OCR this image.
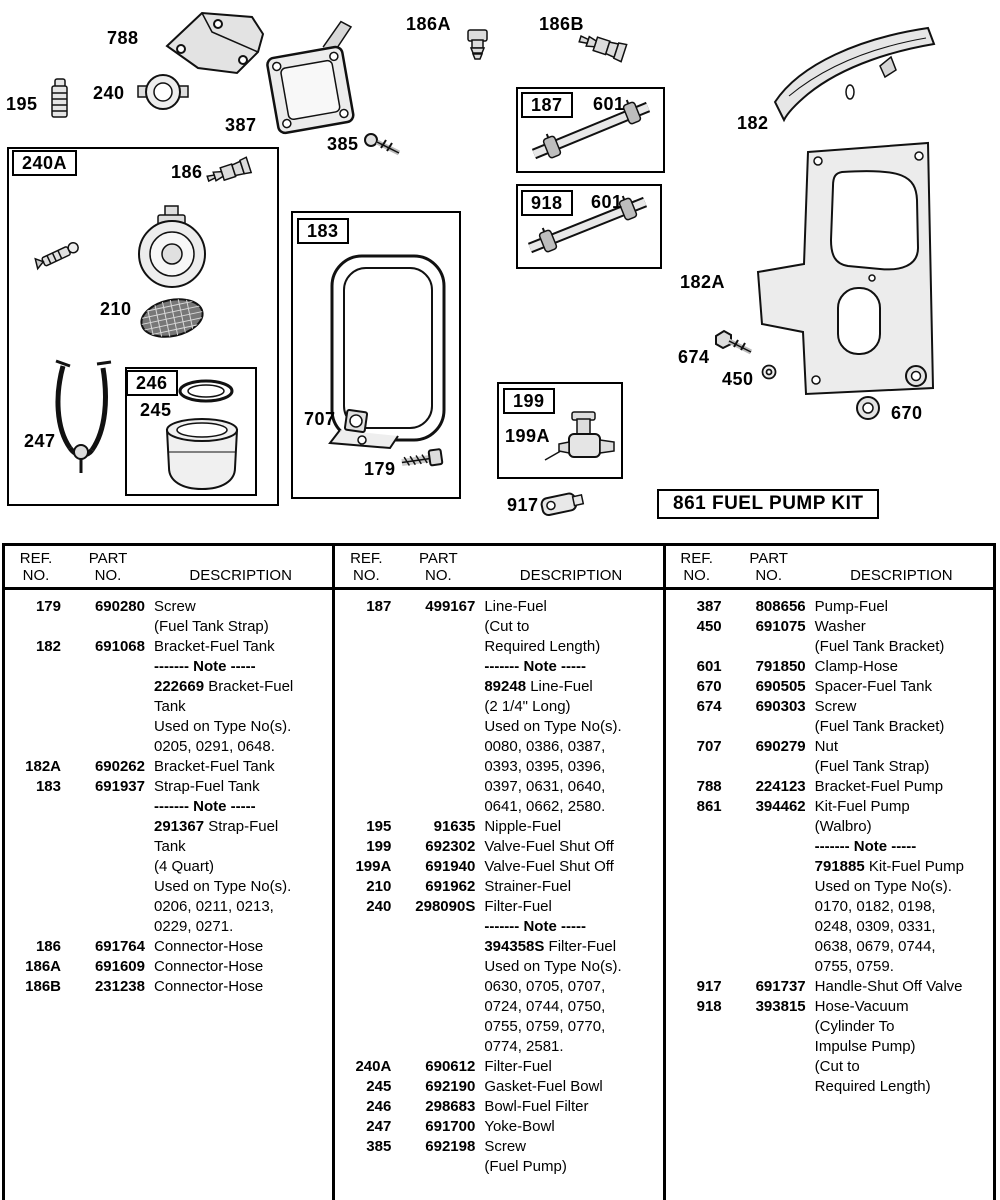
788
186A	186B
195
240
387
385
182
240A	186
210
246
245
247
183
707
179
187	601
918	601
182A
674
450
670
199
199A
917	861 FUEL PUMP KIT
REF.
NO.
PART
NO.	DESCRIPTION
179	690280 Screw
(Fuel Tank Strap)
182	691068 Bracket-Fuel Tank
------- Note -----
222669 Bracket-Fuel
Tank
Used on Type No(s).
0205, 0291, 0648.
182A	690262 Bracket-Fuel Tank
183	691937 Strap-Fuel Tank
------- Note -----
291367 Strap-Fuel
Tank
(4 Quart)
Used on Type No(s).
0206, 0211, 0213,
0229, 0271.
186	691764 Connector-Hose
186A	691609 Connector-Hose
186B	231238 Connector-Hose
REF.
NO.
PART
NO.	DESCRIPTION
187	499167 Line-Fuel
(Cut to
Required Length)
------- Note -----
89248 Line-Fuel
(2 1/4" Long)
Used on Type No(s).
0080, 0386, 0387,
0393, 0395, 0396,
0397, 0631, 0640,
0641, 0662, 2580.
195	91635 Nipple-Fuel
199	692302 Valve-Fuel Shut Off
199A	691940 Valve-Fuel Shut Off
210	691962 Strainer-Fuel
240	298090S Filter-Fuel
------- Note -----
394358S Filter-Fuel
Used on Type No(s).
0630, 0705, 0707,
0724, 0744, 0750,
0755, 0759, 0770,
0774, 2581.
240A	690612 Filter-Fuel
245	692190 Gasket-Fuel Bowl
246	298683 Bowl-Fuel Filter
247	691700 Yoke-Bowl
385	692198 Screw
(Fuel Pump)
REF.
NO.
PART
NO.	DESCRIPTION
387	808656 Pump-Fuel
450	691075 Washer
(Fuel Tank Bracket)
601	791850 Clamp-Hose
670	690505 Spacer-Fuel Tank
674	690303 Screw
(Fuel Tank Bracket)
707	690279 Nut
(Fuel Tank Strap)
788	224123 Bracket-Fuel Pump
861	394462 Kit-Fuel Pump
(Walbro)
------- Note -----
791885 Kit-Fuel Pump
Used on Type No(s).
0170, 0182, 0198,
0248, 0309, 0331,
0638, 0679, 0744,
0755, 0759.
917	691737 Handle-Shut Off Valve
918	393815 Hose-Vacuum
(Cylinder To
Impulse Pump)
(Cut to
Required Length)
